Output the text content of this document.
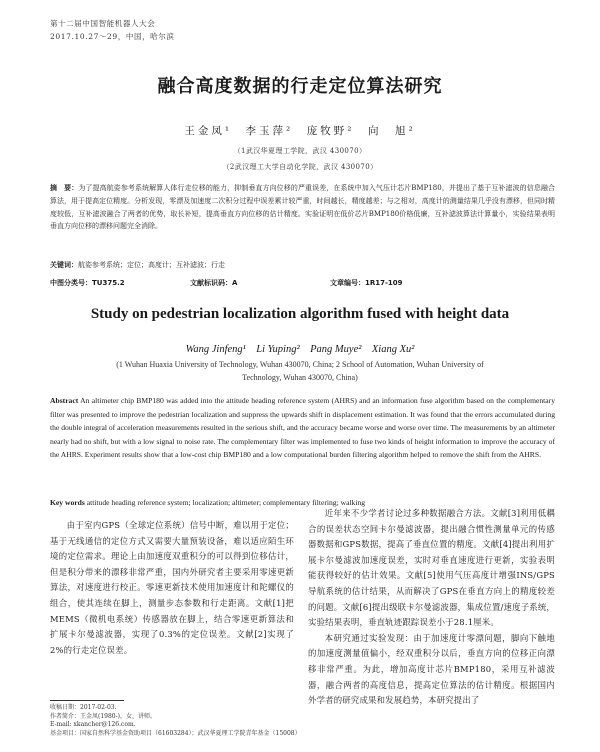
第十二届中国智能机器人大会
2017.10.27～29，中国，哈尔滨
融合高度数据的行走定位算法研究
王金凤¹　李玉萍²　庞牧野²　向　旭²
（1武汉华夏理工学院，武汉 430070）
（2武汉理工大学自动化学院，武汉 430070）
摘　要：为了提高航姿参考系统解算人体行走位移的能力，抑制垂直方向位移的严重误差，在系统中加入气压计芯片BMP180，并提出了基于互补滤波的信息融合算法，用于提高定位精度。分析发现，零漂及加速度二次积分过程中误差累计较严重，时间越长，精度越差；与之相对，高度计的测量结果几乎没有漂移，但同时精度较低，互补滤波融合了两者的优势，取长补短，提高垂直方向位移的估计精度。实验证明在低价芯片BMP180价格低廉，互补滤波算法计算量小，实验结果表明垂直方向位移的漂移问题完全消除。
关键词：航姿参考系统；定位；高度计；互补滤波；行走
中图分类号：TU375.2	文献标识码：A	文章编号：1R17-109
Study on pedestrian localization algorithm fused with height data
Wang Jinfeng¹　Li Yuping²　Pang Muye²　Xiang Xu²
(1 Wuhan Huaxia University of Technology, Wuhan 430070, China; 2 School of Automation, Wuhan University of Technology, Wuhan 430070, China)
Abstract An altimeter chip BMP180 was added into the attitude heading reference system (AHRS) and an information fuse algorithm based on the complementary filter was presented to improve the pedestrian localization and suppress the upwards shift in displacement estimation. It was found that the errors accumulated during the double integral of acceleration measurements resulted in the serious shift, and the accuracy became worse and worse over time. The measurements by an altimeter nearly had no shift, but with a low signal to noise rate. The complementary filter was implemented to fuse two kinds of height information to improve the accuracy of the AHRS. Experiment results show that a low-cost chip BMP180 and a low computational burden filtering algorithm helped to remove the shift from the AHRS.
Key words attitude heading reference system; localization; altimeter; complementary filtering; walking

由于室内GPS（全球定位系统）信号中断，难以用于定位；基于无线通信的定位方式又需要大量预装设备，难以适应陌生环境的定位需求。理论上由加速度双重积分的可以得到位移估计，但是积分带来的漂移非常严重，国内外研究者主要采用零速更新算法，对速度进行校正。零速更新技术使用加速度计和陀螺仪的组合，使其连续在脚上，测量步态参数和行走距离。文献[1]把MEMS（微机电系统）传感器放在脚上，结合零速更新算法和扩展卡尔曼滤波器，实现了0.3%的定位误差。文献[2]实现了2%的行走定位误差。

近年来不少学者讨论过多种数据融合方法。文献[3]利用低耦合的误差状态空间卡尔曼滤波器，提出融合惯性测量单元的传感器数据和GPS数据，提高了垂直位置的精度。文献[4]提出利用扩展卡尔曼滤波加速度误差，实时对垂直速度进行更新，实验表明能获得较好的估计效果。文献[5]使用气压高度计增强INS/GPS导航系统的估计结果，从而解决了GPS在垂直方向上的精度较差的问题。文献[6]提出级联卡尔曼滤波器，集成位置/速度子系统，实验结果表明，垂直轨迹跟踪误差小于28.1厘米。

本研究通过实验发现：由于加速度计零漂问题，脚向下触地的加速度测量值偏小，经双重积分以后，垂直方向的位移正向漂移非常严重。为此，增加高度计芯片BMP180，采用互补滤波器，融合两者的高度信息，提高定位算法的估计精度。根据国内外学者的研究成果和发展趋势，本研究提出了

收稿日期：2017-02-03.
作者简介：王金凤(1980-)，女，讲师。
E-mail: xkancher@126.com.
基金项目：国家自然科学基金资助项目（61603284）；武汉华夏理工学院青年基金（15008）
